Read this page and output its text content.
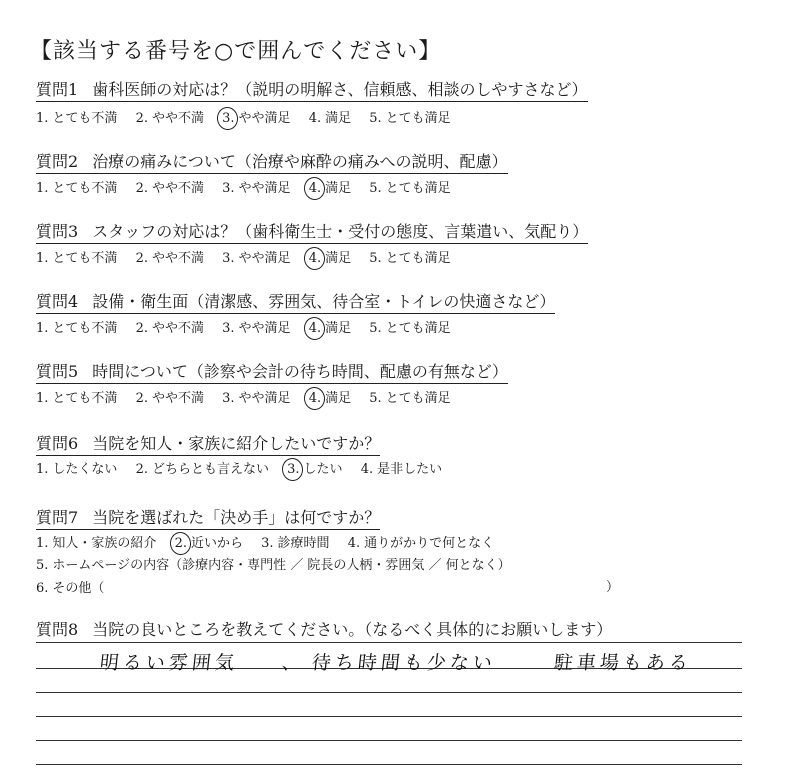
【該当する番号を○で囲んでください】
質問1 歯科医師の対応は？（説明の明解さ、信頼感、相談のしやすさなど）
1. とても不満 2. やや不満 3. やや満足 4. 満足 5. とても満足
質問2 治療の痛みについて（治療や麻酔の痛みへの説明、配慮）
1. とても不満 2. やや不満 3. やや満足 4. 満足 5. とても満足
質問3 スタッフの対応は？（歯科衛生士・受付の態度、言葉遣い、気配り）
1. とても不満 2. やや不満 3. やや満足 4. 満足 5. とても満足
質問4 設備・衛生面（清潔感、雰囲気、待合室・トイレの快適さなど）
1. とても不満 2. やや不満 3. やや満足 4. 満足 5. とても満足
質問5 時間について（診察や会計の待ち時間、配慮の有無など）
1. とても不満 2. やや不満 3. やや満足 4. 満足 5. とても満足
質問6 当院を知人・家族に紹介したいですか？
1. したくない 2. どちらとも言えない 3. したい 4. 是非したい
質問7 当院を選ばれた「決め手」は何ですか？
1. 知人・家族の紹介 2. 近いから 3. 診療時間 4. 通りがかりで何となく
5. ホームページの内容（診療内容・専門性 ／ 院長の人柄・雰囲気 ／ 何となく）
6. その他（	）
質問8 当院の良いところを教えてください。（なるべく具体的にお願いします）
明るい雰囲気 、 待ち時間も少ない	駐車場もある
